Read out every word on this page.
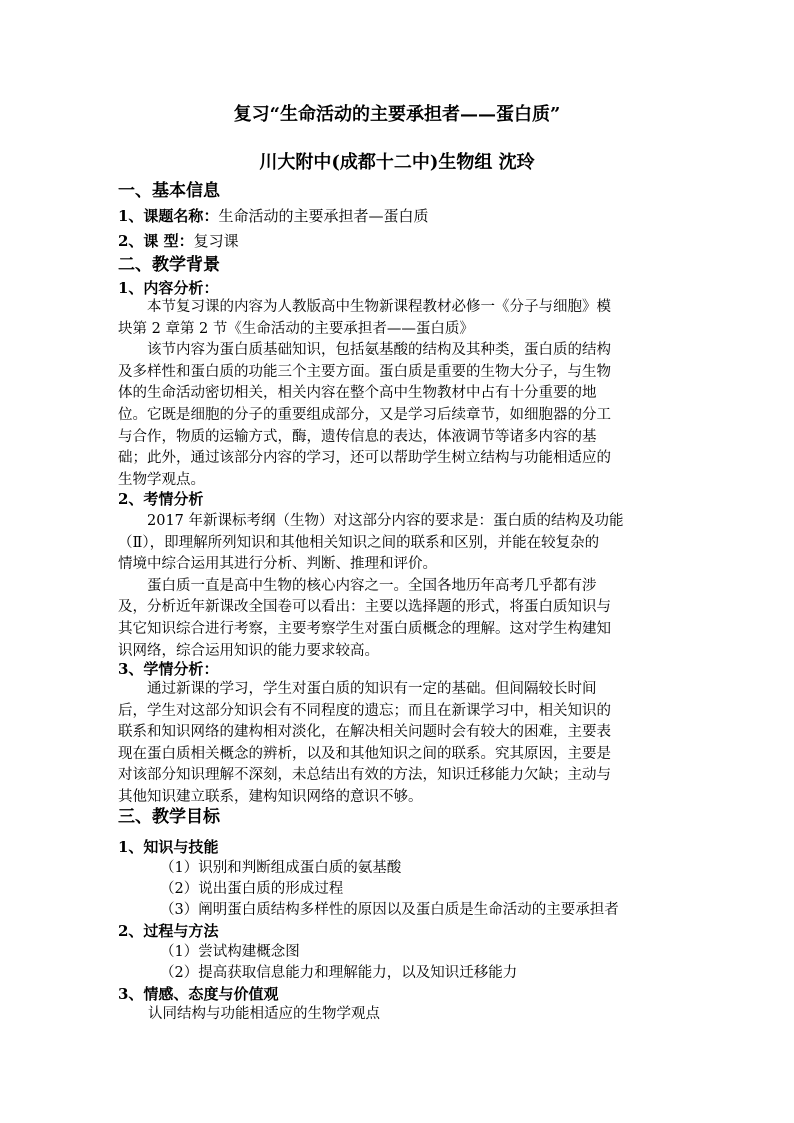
复习“生命活动的主要承担者——蛋白质”
川大附中(成都十二中)生物组 沈玲
一、基本信息
1、课题名称：生命活动的主要承担者—蛋白质
2、课 型：复习课
二、教学背景
1、内容分析：
　　本节复习课的内容为人教版高中生物新课程教材必修一《分子与细胞》模
块第 2 章第 2 节《生命活动的主要承担者——蛋白质》
　　该节内容为蛋白质基础知识，包括氨基酸的结构及其种类，蛋白质的结构
及多样性和蛋白质的功能三个主要方面。蛋白质是重要的生物大分子，与生物
体的生命活动密切相关，相关内容在整个高中生物教材中占有十分重要的地
位。它既是细胞的分子的重要组成部分，又是学习后续章节，如细胞器的分工
与合作，物质的运输方式，酶，遗传信息的表达，体液调节等诸多内容的基
础；此外，通过该部分内容的学习，还可以帮助学生树立结构与功能相适应的
生物学观点。
2、考情分析
　　2017 年新课标考纲（生物）对这部分内容的要求是：蛋白质的结构及功能
（Ⅱ），即理解所列知识和其他相关知识之间的联系和区别，并能在较复杂的
情境中综合运用其进行分析、判断、推理和评价。
　　蛋白质一直是高中生物的核心内容之一。全国各地历年高考几乎都有涉
及，分析近年新课改全国卷可以看出：主要以选择题的形式，将蛋白质知识与
其它知识综合进行考察，主要考察学生对蛋白质概念的理解。这对学生构建知
识网络，综合运用知识的能力要求较高。
3、学情分析：
　　通过新课的学习，学生对蛋白质的知识有一定的基础。但间隔较长时间
后，学生对这部分知识会有不同程度的遗忘；而且在新课学习中，相关知识的
联系和知识网络的建构相对淡化，在解决相关问题时会有较大的困难，主要表
现在蛋白质相关概念的辨析，以及和其他知识之间的联系。究其原因，主要是
对该部分知识理解不深刻，未总结出有效的方法，知识迁移能力欠缺；主动与
其他知识建立联系，建构知识网络的意识不够。
三、教学目标
1、知识与技能
（1）识别和判断组成蛋白质的氨基酸
（2）说出蛋白质的形成过程
（3）阐明蛋白质结构多样性的原因以及蛋白质是生命活动的主要承担者
2、过程与方法
（1）尝试构建概念图
（2）提高获取信息能力和理解能力，以及知识迁移能力
3、情感、态度与价值观
认同结构与功能相适应的生物学观点
